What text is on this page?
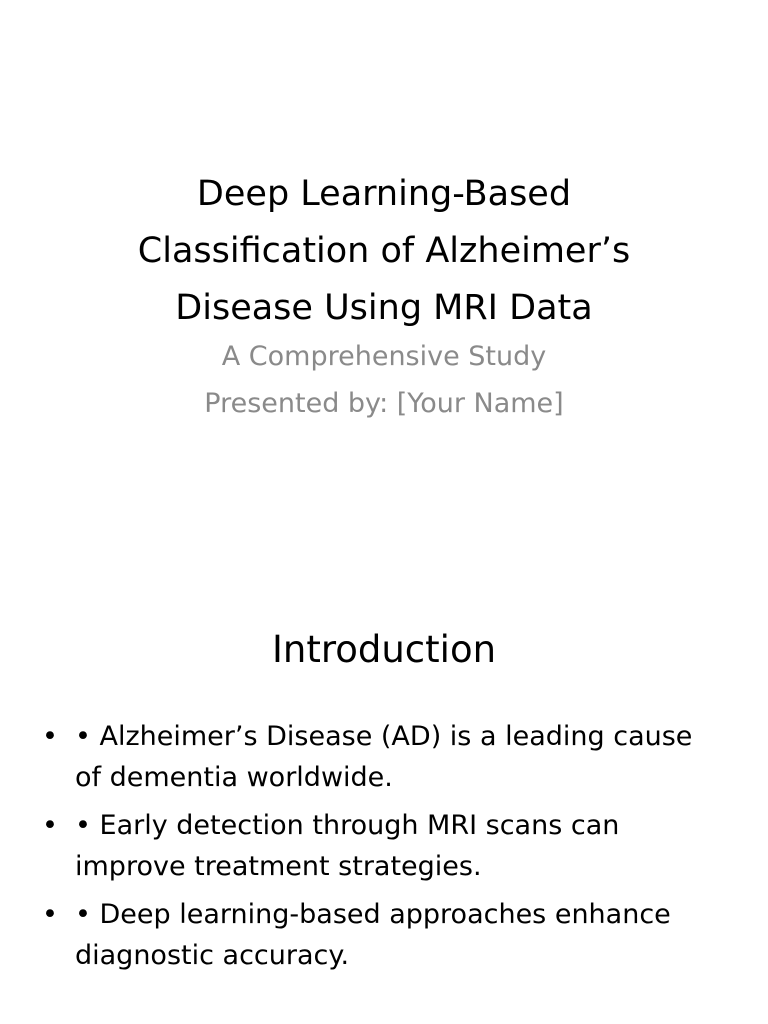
Deep Learning-Based
Classification of Alzheimer’s
Disease Using MRI Data
A Comprehensive Study
Presented by: [Your Name]
Introduction
• • Alzheimer’s Disease (AD) is a leading cause
of dementia worldwide.
• • Early detection through MRI scans can
improve treatment strategies.
• • Deep learning-based approaches enhance
diagnostic accuracy.
